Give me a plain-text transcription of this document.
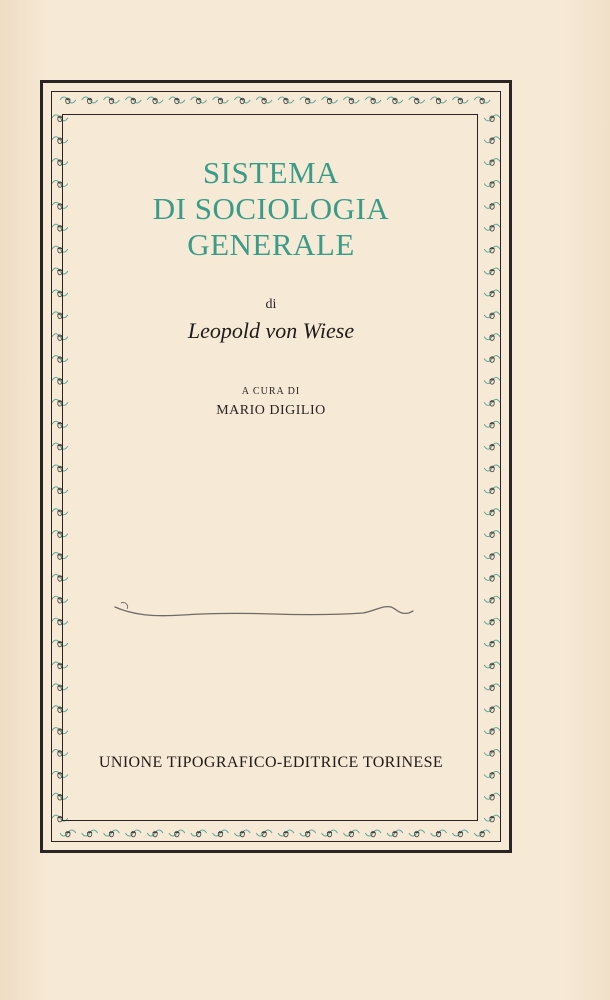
SISTEMA
DI SOCIOLOGIA
GENERALE
di
Leopold von Wiese
A CURA DI
MARIO DIGILIO
UNIONE TIPOGRAFICO-EDITRICE TORINESE
